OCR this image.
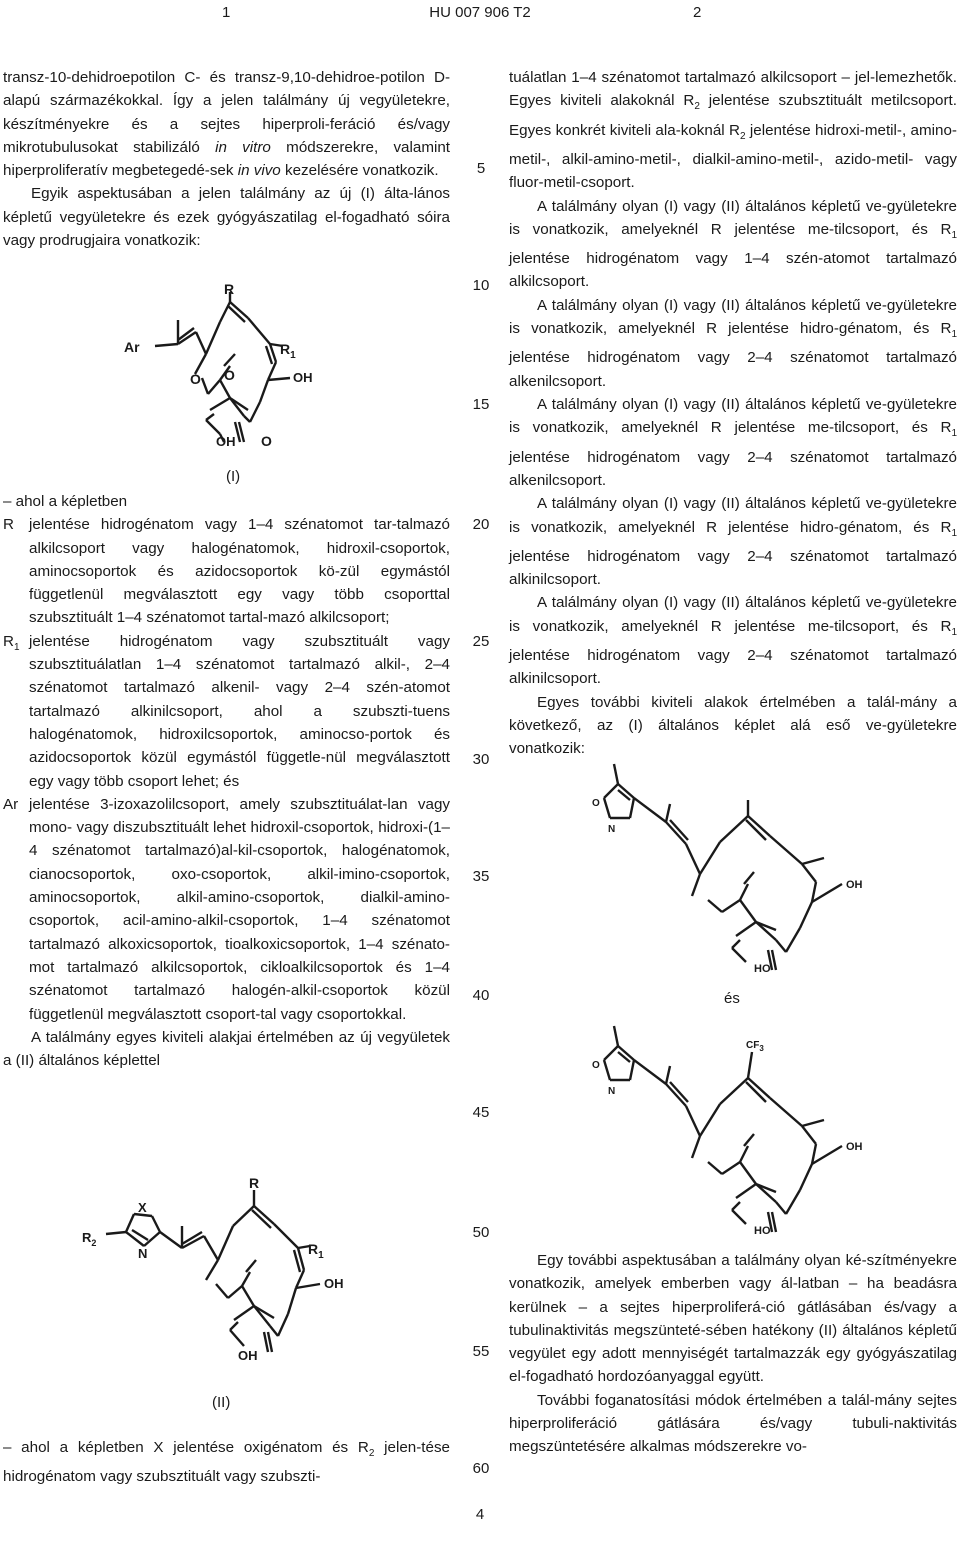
1	HU 007 906 T2	2

transz-10-dehidroepotilon C- és transz-9,10-dehidroe-potilon D-alapú származékokkal. Így a jelen találmány új vegyületekre, készítményekre és a sejtes hiperproli-feráció és/vagy mikrotubulusokat stabilizáló in vitro módszerekre, valamint hiperproliferatív megbetegedé-sek in vivo kezelésére vonatkozik.

Egyik aspektusában a jelen találmány az új (I) álta-lános képletű vegyületekre és ezek gyógyászatilag el-fogadható sóira vagy prodrugjaira vonatkozik:

Ar
R
$R_1$
O O	OH
OH O
(I)

– ahol a képletben

R jelentése hidrogénatom vagy 1–4 szénatomot tar-talmazó alkilcsoport vagy halogénatomok, hidroxil-csoportok, aminocsoportok és azidocsoportok kö-zül egymástól függetlenül megválasztott egy vagy több csoporttal szubsztituált 1–4 szénatomot tartal-mazó alkilcsoport;
$R_1$ jelentése hidrogénatom vagy szubsztituált vagy szubsztituálatlan 1–4 szénatomot tartalmazó alkil-, 2–4 szénatomot tartalmazó alkenil- vagy 2–4 szén-atomot tartalmazó alkinilcsoport, ahol a szubszti-tuens halogénatomok, hidroxilcsoportok, aminocso-portok és azidocsoportok közül egymástól függetle-nül megválasztott egy vagy több csoport lehet; és
Ar jelentése 3-izoxazolilcsoport, amely szubsztituálat-lan vagy mono- vagy diszubsztituált lehet hidroxil-csoportok, hidroxi-(1–4 szénatomot tartalmazó)al-kil-csoportok, halogénatomok, cianocsoportok, oxo-csoportok, alkil-imino-csoportok, aminocsoportok, alkil-amino-csoportok, dialkil-amino-csoportok, acil-amino-alkil-csoportok, 1–4 szénatomot tartalmazó alkoxicsoportok, tioalkoxicsoportok, 1–4 szénato-mot tartalmazó alkilcsoportok, cikloalkilcsoportok és 1–4 szénatomot tartalmazó halogén-alkil-csoportok közül függetlenül megválasztott csoport-tal vagy csoportokkal.

A találmány egyes kiviteli alakjai értelmében az új vegyületek a (II) általános képlettel

$R_2$
X
N
R
$R_1$
OH
OH
(II)

– ahol a képletben X jelentése oxigénatom és $R_2$ jelen-tése hidrogénatom vagy szubsztituált vagy szubszti-

5
10
15
20
25
30
35
40
45
50
55
60

tuálatlan 1–4 szénatomot tartalmazó alkilcsoport – jel-lemezhetők. Egyes kiviteli alakoknál $R_2$ jelentése szubsztituált metilcsoport. Egyes konkrét kiviteli ala-koknál $R_2$ jelentése hidroxi-metil-, amino-metil-, alkil-amino-metil-, dialkil-amino-metil-, azido-metil- vagy fluor-metil-csoport.

A találmány olyan (I) vagy (II) általános képletű ve-gyületekre is vonatkozik, amelyeknél R jelentése me-tilcsoport, és $R_1$ jelentése hidrogénatom vagy 1–4 szén-atomot tartalmazó alkilcsoport.

A találmány olyan (I) vagy (II) általános képletű ve-gyületekre is vonatkozik, amelyeknél R jelentése hidro-génatom, és $R_1$ jelentése hidrogénatom vagy 2–4 szénatomot tartalmazó alkenilcsoport.

A találmány olyan (I) vagy (II) általános képletű ve-gyületekre is vonatkozik, amelyeknél R jelentése me-tilcsoport, és $R_1$ jelentése hidrogénatom vagy 2–4 szénatomot tartalmazó alkenilcsoport.

A találmány olyan (I) vagy (II) általános képletű ve-gyületekre is vonatkozik, amelyeknél R jelentése hidro-génatom, és $R_1$ jelentése hidrogénatom vagy 2–4 szénatomot tartalmazó alkinilcsoport.

A találmány olyan (I) vagy (II) általános képletű ve-gyületekre is vonatkozik, amelyeknél R jelentése me-tilcsoport, és $R_1$ jelentése hidrogénatom vagy 2–4 szénatomot tartalmazó alkinilcsoport.

Egyes további kiviteli alakok értelmében a talál-mány a következő, az (I) általános képlet alá eső ve-gyületekre vonatkozik:

O
N
OH
HO
és
$CF_3$
O
N
OH
HO

Egy további aspektusában a találmány olyan ké-szítményekre vonatkozik, amelyek emberben vagy ál-latban – ha beadásra kerülnek – a sejtes hiperproliferá-ció gátlásában és/vagy a tubulinaktivitás megszünteté-sében hatékony (II) általános képletű vegyület egy adott mennyiségét tartalmazzák egy gyógyászatilag el-fogadható hordozóanyaggal együtt.

További foganatosítási módok értelmében a talál-mány sejtes hiperproliferáció gátlására és/vagy tubuli-naktivitás megszüntetésére alkalmas módszerekre vo-

4
